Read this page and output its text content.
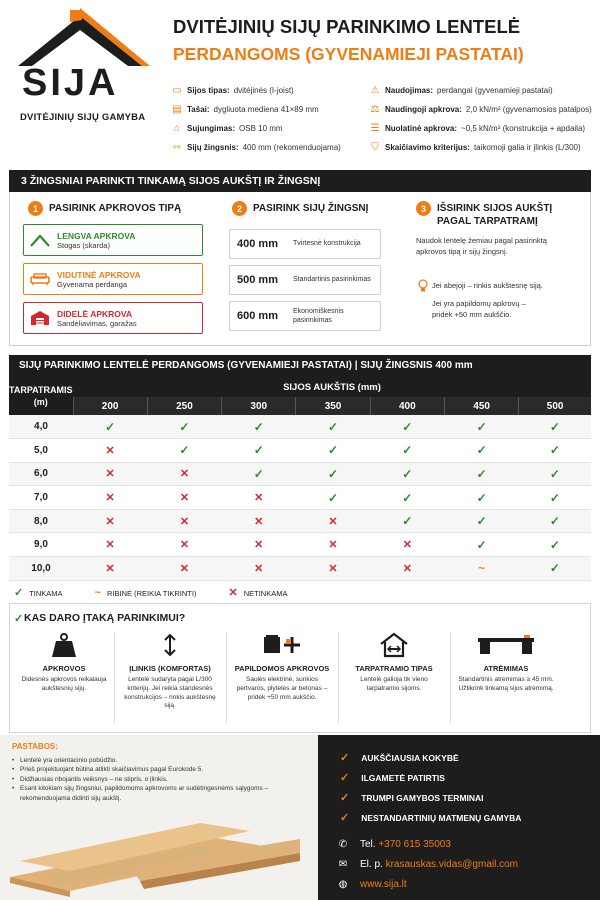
SIJA
DVITĖJINIŲ SIJŲ GAMYBA
DVITĖJINIŲ SIJŲ PARINKIMO LENTELĖ
PERDANGOMS (GYVENAMIEJI PASTATAI)
▭ Sijos tipas: dvitėjinės (I-joist)
▤ Tašai: dygliuota mediena 41×89 mm
⌂ Sujungimas: OSB 10 mm
⇿ Sijų žingsnis: 400 mm (rekomenduojama)
⚠ Naudojimas: perdangai (gyvenamieji pastatai)
⚖ Naudingoji apkrova: 2,0 kN/m² (gyvenamosios patalpos)
☰ Nuolatinė apkrova: ~0,5 kN/m² (konstrukcija + apdaila)
⛉ Skaičiavimo kriterijus: taikomoji galia ir įlinkis (L/300)
3 ŽINGSNIAI PARINKTI TINKAMĄ SIJOS AUKŠTĮ IR ŽINGSNĮ
1	PASIRINK APKROVOS TIPĄ
LENGVA APKROVA
Stogas (skarda)
VIDUTINĖ APKROVA
Gyvenama perdanga
DIDELĖ APKROVA
Sandėliavimas, garažas
2	PASIRINK SIJŲ ŽINGSNĮ
400 mm	Tvirtesnė konstrukcija
500 mm	Standartinis pasirinkimas
600 mm	Ekonomiškesnis pasirinkimas
3	IŠSIRINK SIJOS AUKŠTĮ
PAGAL TARPATRAMĮ
Naudok lentelę žemiau pagal pasirinktą apkrovos tipą ir sijų žingsnį.
Jei abejoji – rinkis aukštesnę siją.
Jei yra papildomų apkrovų – pridėk +50 mm aukščio.
SIJŲ PARINKIMO LENTELĖ PERDANGOMS (GYVENAMIEJI PASTATAI) | SIJŲ ŽINGSNIS 400 mm
TARPATRAMIS
(m)	SIJOS AUKŠTIS (mm)						
	200	250	300	350	400	450	500
4,0	✓	✓	✓	✓	✓	✓	✓
5,0	✕	✓	✓	✓	✓	✓	✓
6,0	✕	✕	✓	✓	✓	✓	✓
7,0	✕	✕	✕	✓	✓	✓	✓
8,0	✕	✕	✕	✕	✓	✓	✓
9,0	✕	✕	✕	✕	✕	✓	✓
10,0	✕	✕	✕	✕	✕	~	✓
✓ TINKAMA	~ RIBINĖ (REIKIA TIKRINTI)	✕ NETINKAMA
✓ KAS DARO ĮTAKĄ PARINKIMUI?
APKROVOS
Didesnės apkrovos reikalauja aukštesnių sijų.
ĮLINKIS (KOMFORTAS)
Lentelė sudaryta pagal L/300 kriterijų. Jei reikia standesnės konstrukcijos – rinkis aukštesnę siją.
PAPILDOMOS APKROVOS
Saulės elektrinė, sunkios pertvaros, plytelės ar betonas – pridėk +50 mm aukščio.
TARPATRAMIO TIPAS
Lentelė galioja tik vieno tarpatramio sijoms.
ATRĖMIMAS
Standartinis atrėmimas ≥ 45 mm. Užtikrink tinkamą sijos atrėmimą.
PASTABOS:
• Lentelė yra orientacinio pobūdžio.
• Prieš projektuojant būtina atlikti skaičiavimus pagal Eurokode 5.
• Didžiausias ribojantis veiksnys – ne stipris, o įlinkis.
• Esant kitokiam sijų žingsniui, papildomoms apkrovoms ar sudėtingesnėms sąlygoms – rekomenduojama didinti sijų aukštį.
✓ AUKŠČIAUSIA KOKYBĖ
✓ ILGAMETĖ PATIRTIS
✓ TRUMPI GAMYBOS TERMINAI
✓ NESTANDARTINIŲ MATMENŲ GAMYBA
✆ Tel. +370 615 35003
✉ El. p. krasauskas.vidas@gmail.com
◍ www.sija.lt
